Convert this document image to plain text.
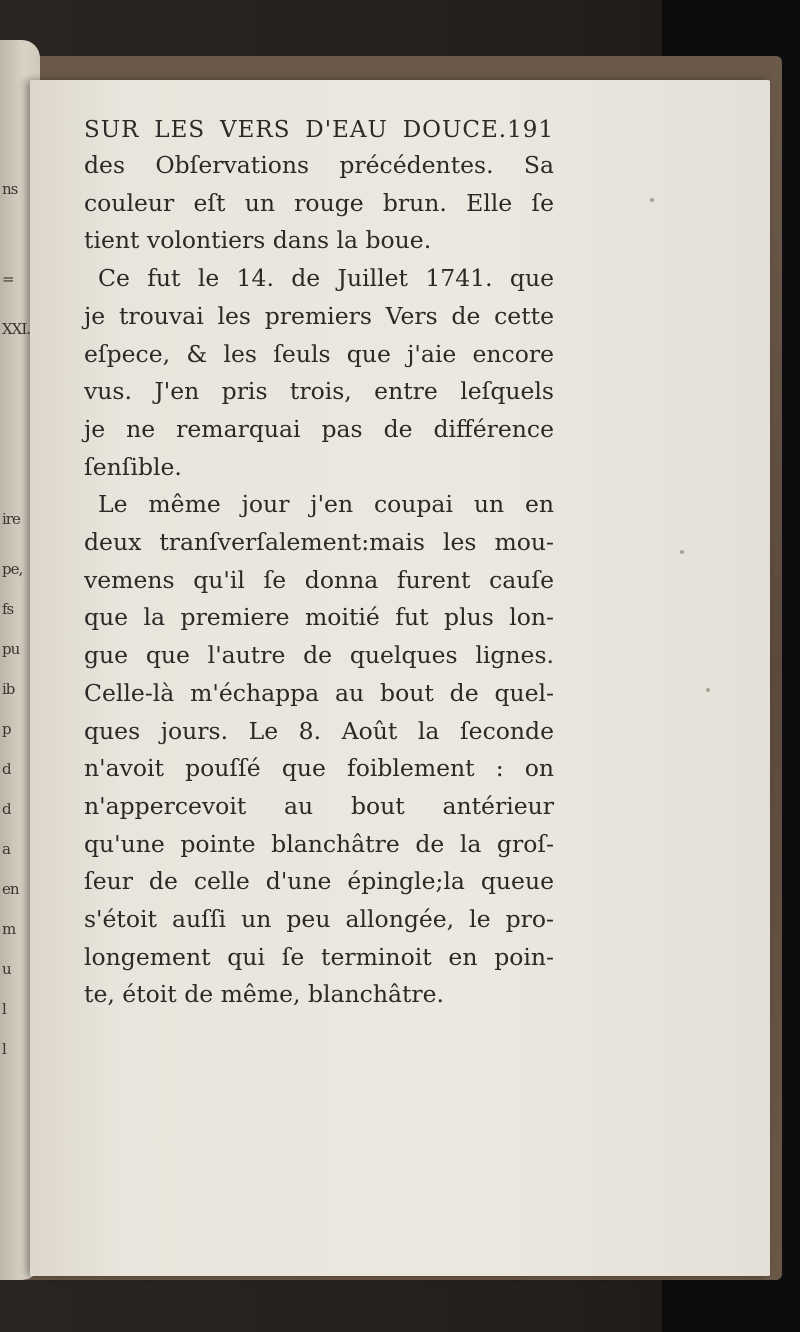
ns
=
XXI.
ire
pe,
fs
pu
ib
p
d
d
a
en
m
u
l
l
SUR LES VERS D'EAU DOUCE.191
des Obſervations précédentes. Sa
couleur eſt un rouge brun. Elle ſe
tient volontiers dans la boue.
Ce fut le 14. de Juillet 1741. que
je trouvai les premiers Vers de cette
eſpece, & les ſeuls que j'aie encore
vus. J'en pris trois, entre leſquels
je ne remarquai pas de différence
ſenſible.
Le même jour j'en coupai un en
deux tranſverſalement:mais les mou-
vemens qu'il ſe donna furent cauſe
que la premiere moitié fut plus lon-
gue que l'autre de quelques lignes.
Celle-là m'échappa au bout de quel-
ques jours. Le 8. Août la ſeconde
n'avoit pouſſé que foiblement : on
n'appercevoit au bout antérieur
qu'une pointe blanchâtre de la groſ-
ſeur de celle d'une épingle;la queue
s'étoit auſſi un peu allongée, le pro-
longement qui ſe terminoit en poin-
te, étoit de même, blanchâtre.
